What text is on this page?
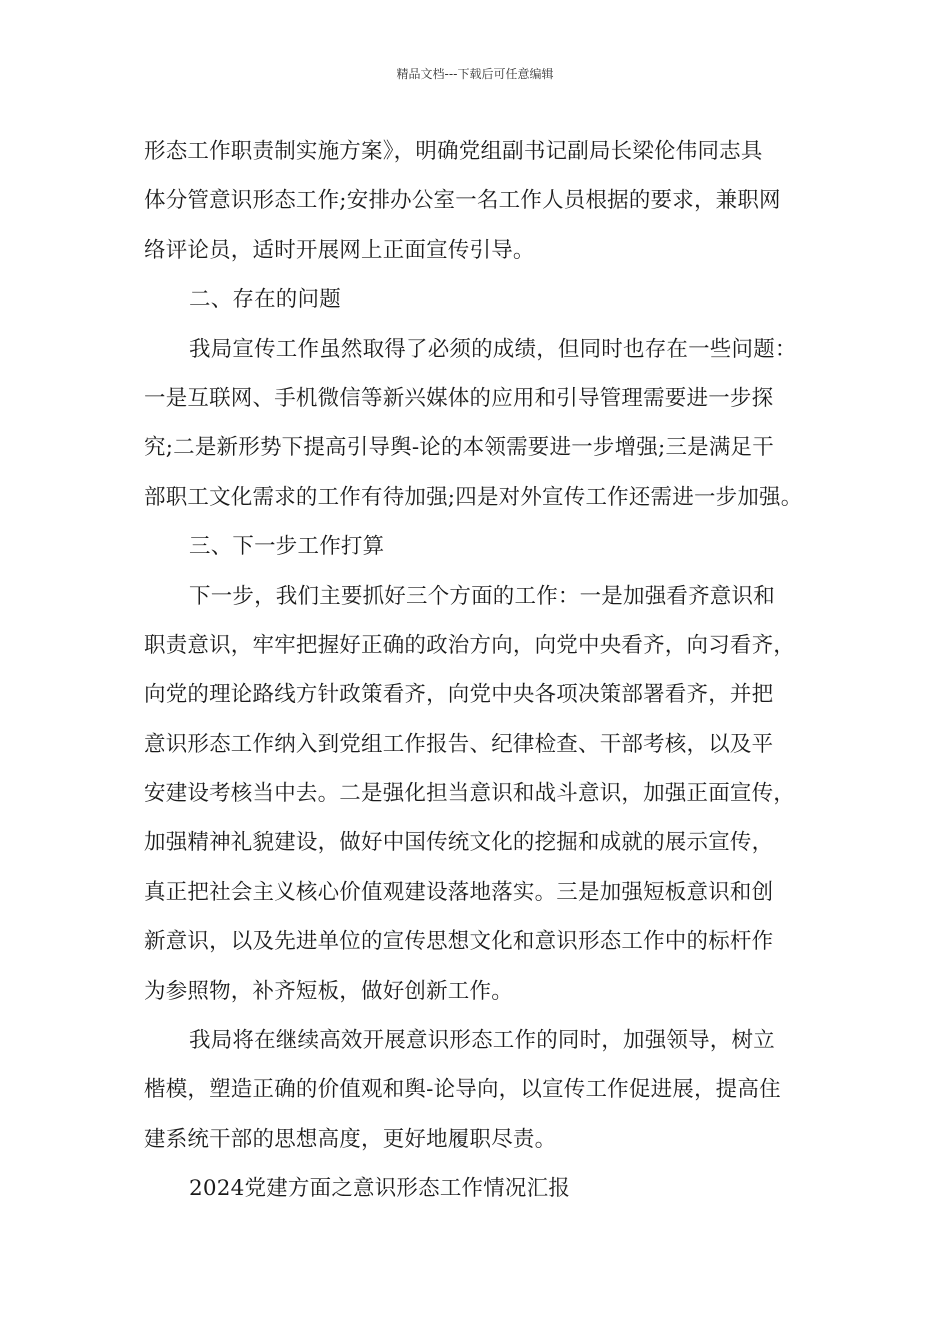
精品文档---下载后可任意编辑
形态工作职责制实施方案》，明确党组副书记副局长梁伦伟同志具
体分管意识形态工作;安排办公室一名工作人员根据的要求，兼职网
络评论员，适时开展网上正面宣传引导。
二、存在的问题
我局宣传工作虽然取得了必须的成绩，但同时也存在一些问题：
一是互联网、手机微信等新兴媒体的应用和引导管理需要进一步探
究;二是新形势下提高引导舆-论的本领需要进一步增强;三是满足干
部职工文化需求的工作有待加强;四是对外宣传工作还需进一步加强。
三、下一步工作打算
下一步，我们主要抓好三个方面的工作：一是加强看齐意识和
职责意识，牢牢把握好正确的政治方向，向党中央看齐，向习看齐，
向党的理论路线方针政策看齐，向党中央各项决策部署看齐，并把
意识形态工作纳入到党组工作报告、纪律检查、干部考核，以及平
安建设考核当中去。二是强化担当意识和战斗意识，加强正面宣传，
加强精神礼貌建设，做好中国传统文化的挖掘和成就的展示宣传，
真正把社会主义核心价值观建设落地落实。三是加强短板意识和创
新意识，以及先进单位的宣传思想文化和意识形态工作中的标杆作
为参照物，补齐短板，做好创新工作。
我局将在继续高效开展意识形态工作的同时，加强领导，树立
楷模，塑造正确的价值观和舆-论导向，以宣传工作促进展，提高住
建系统干部的思想高度，更好地履职尽责。
2024党建方面之意识形态工作情况汇报
